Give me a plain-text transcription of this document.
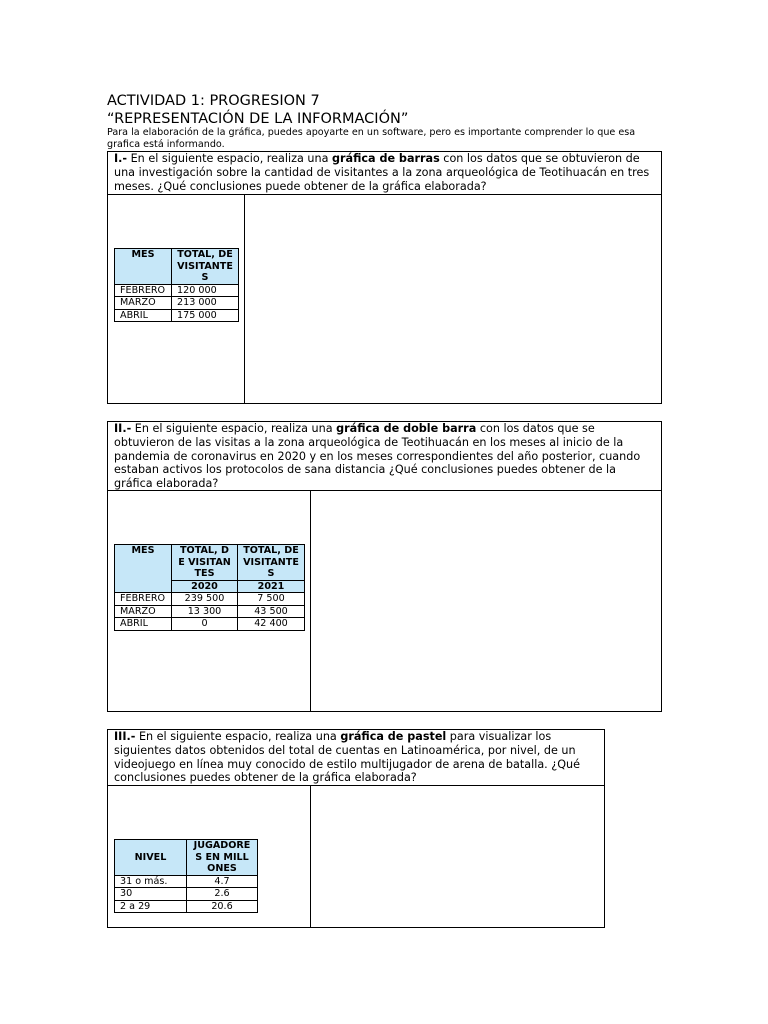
ACTIVIDAD 1: PROGRESION 7
“REPRESENTACIÓN DE LA INFORMACIÓN”
Para la elaboración de la gráfica, puedes apoyarte en un software, pero es importante comprender lo que esa grafica está informando.
I.- En el siguiente espacio, realiza una gráfica de barras con los datos que se obtuvieron de una investigación sobre la cantidad de visitantes a la zona arqueológica de Teotihuacán en tres meses. ¿Qué conclusiones puede obtener de la gráfica elaborada?
MES	TOTAL, DE VISITANTES
FEBRERO	120 000
MARZO	213 000
ABRIL	175 000
II.- En el siguiente espacio, realiza una gráfica de doble barra con los datos que se obtuvieron de las visitas a la zona arqueológica de Teotihuacán en los meses al inicio de la pandemia de coronavirus en 2020 y en los meses correspondientes del año posterior, cuando estaban activos los protocolos de sana distancia ¿Qué conclusiones puedes obtener de la gráfica elaborada?
MES	TOTAL, DE VISITANTES	TOTAL, DE VISITANTES
	2020	2021
FEBRERO	239 500	7 500
MARZO	13 300	43 500
ABRIL	0	42 400
III.- En el siguiente espacio, realiza una gráfica de pastel para visualizar los siguientes datos obtenidos del total de cuentas en Latinoamérica, por nivel, de un videojuego en línea muy conocido de estilo multijugador de arena de batalla. ¿Qué conclusiones puedes obtener de la gráfica elaborada?
NIVEL	JUGADORES EN MILLONES
31 o más.	4.7
30	2.6
2 a 29	20.6
